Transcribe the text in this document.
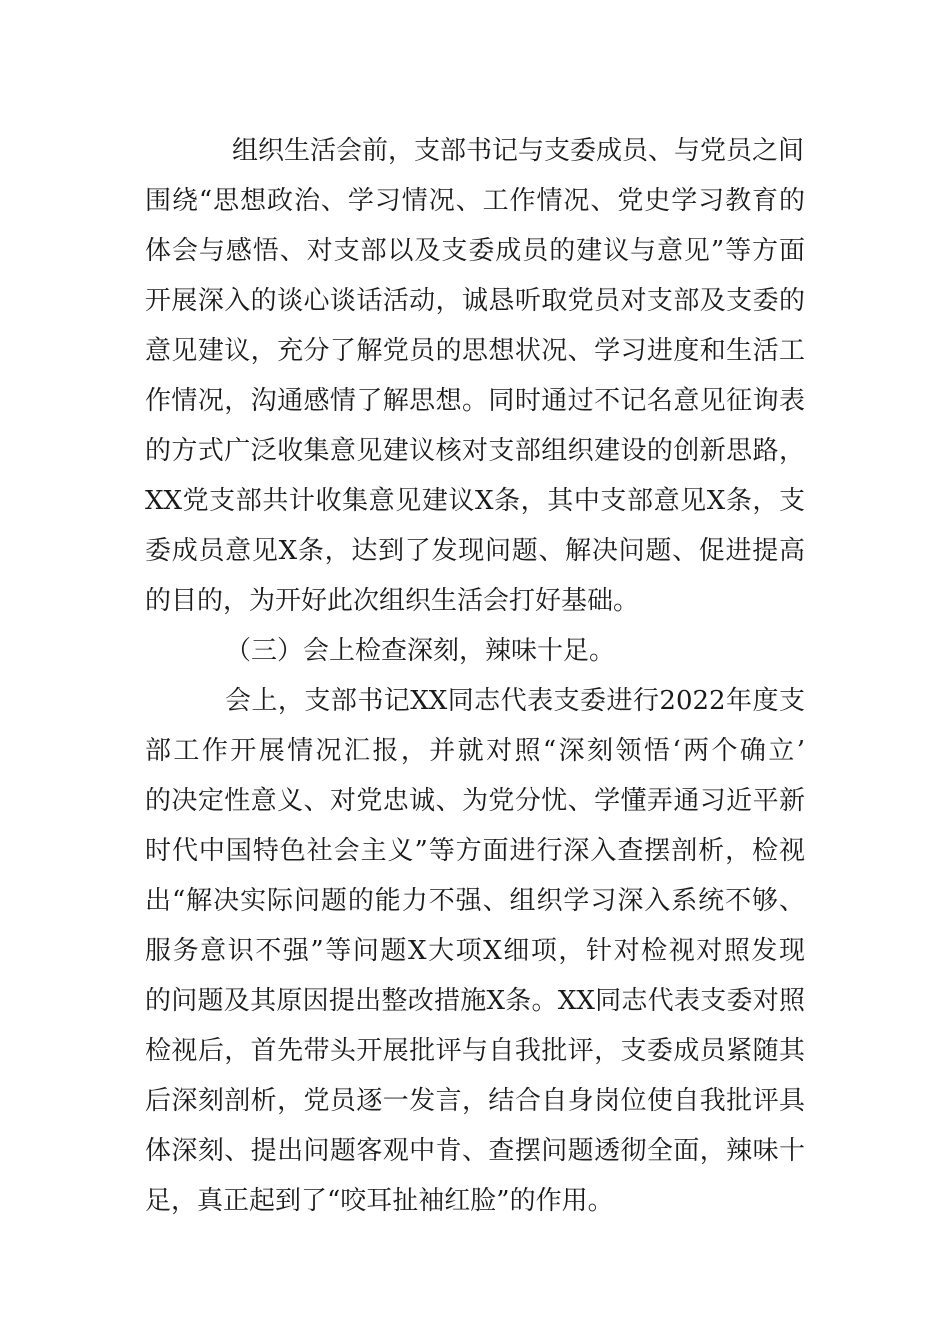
组织生活会前，支部书记与支委成员、与党员之间
围绕“思想政治、学习情况、工作情况、党史学习教育的
体会与感悟、对支部以及支委成员的建议与意见”等方面
开展深入的谈心谈话活动，诚恳听取党员对支部及支委的
意见建议，充分了解党员的思想状况、学习进度和生活工
作情况，沟通感情了解思想。同时通过不记名意见征询表
的方式广泛收集意见建议核对支部组织建设的创新思路，
XX党支部共计收集意见建议X条，其中支部意见X条，支
委成员意见X条，达到了发现问题、解决问题、促进提高
的目的，为开好此次组织生活会打好基础。
（三）会上检查深刻，辣味十足。
会上，支部书记XX同志代表支委进行2022年度支
部工作开展情况汇报，并就对照“深刻领悟‘两个确立’
的决定性意义、对党忠诚、为党分忧、学懂弄通习近平新
时代中国特色社会主义”等方面进行深入查摆剖析，检视
出“解决实际问题的能力不强、组织学习深入系统不够、
服务意识不强”等问题X大项X细项，针对检视对照发现
的问题及其原因提出整改措施X条。XX同志代表支委对照
检视后，首先带头开展批评与自我批评，支委成员紧随其
后深刻剖析，党员逐一发言，结合自身岗位使自我批评具
体深刻、提出问题客观中肯、查摆问题透彻全面，辣味十
足，真正起到了“咬耳扯袖红脸”的作用。
